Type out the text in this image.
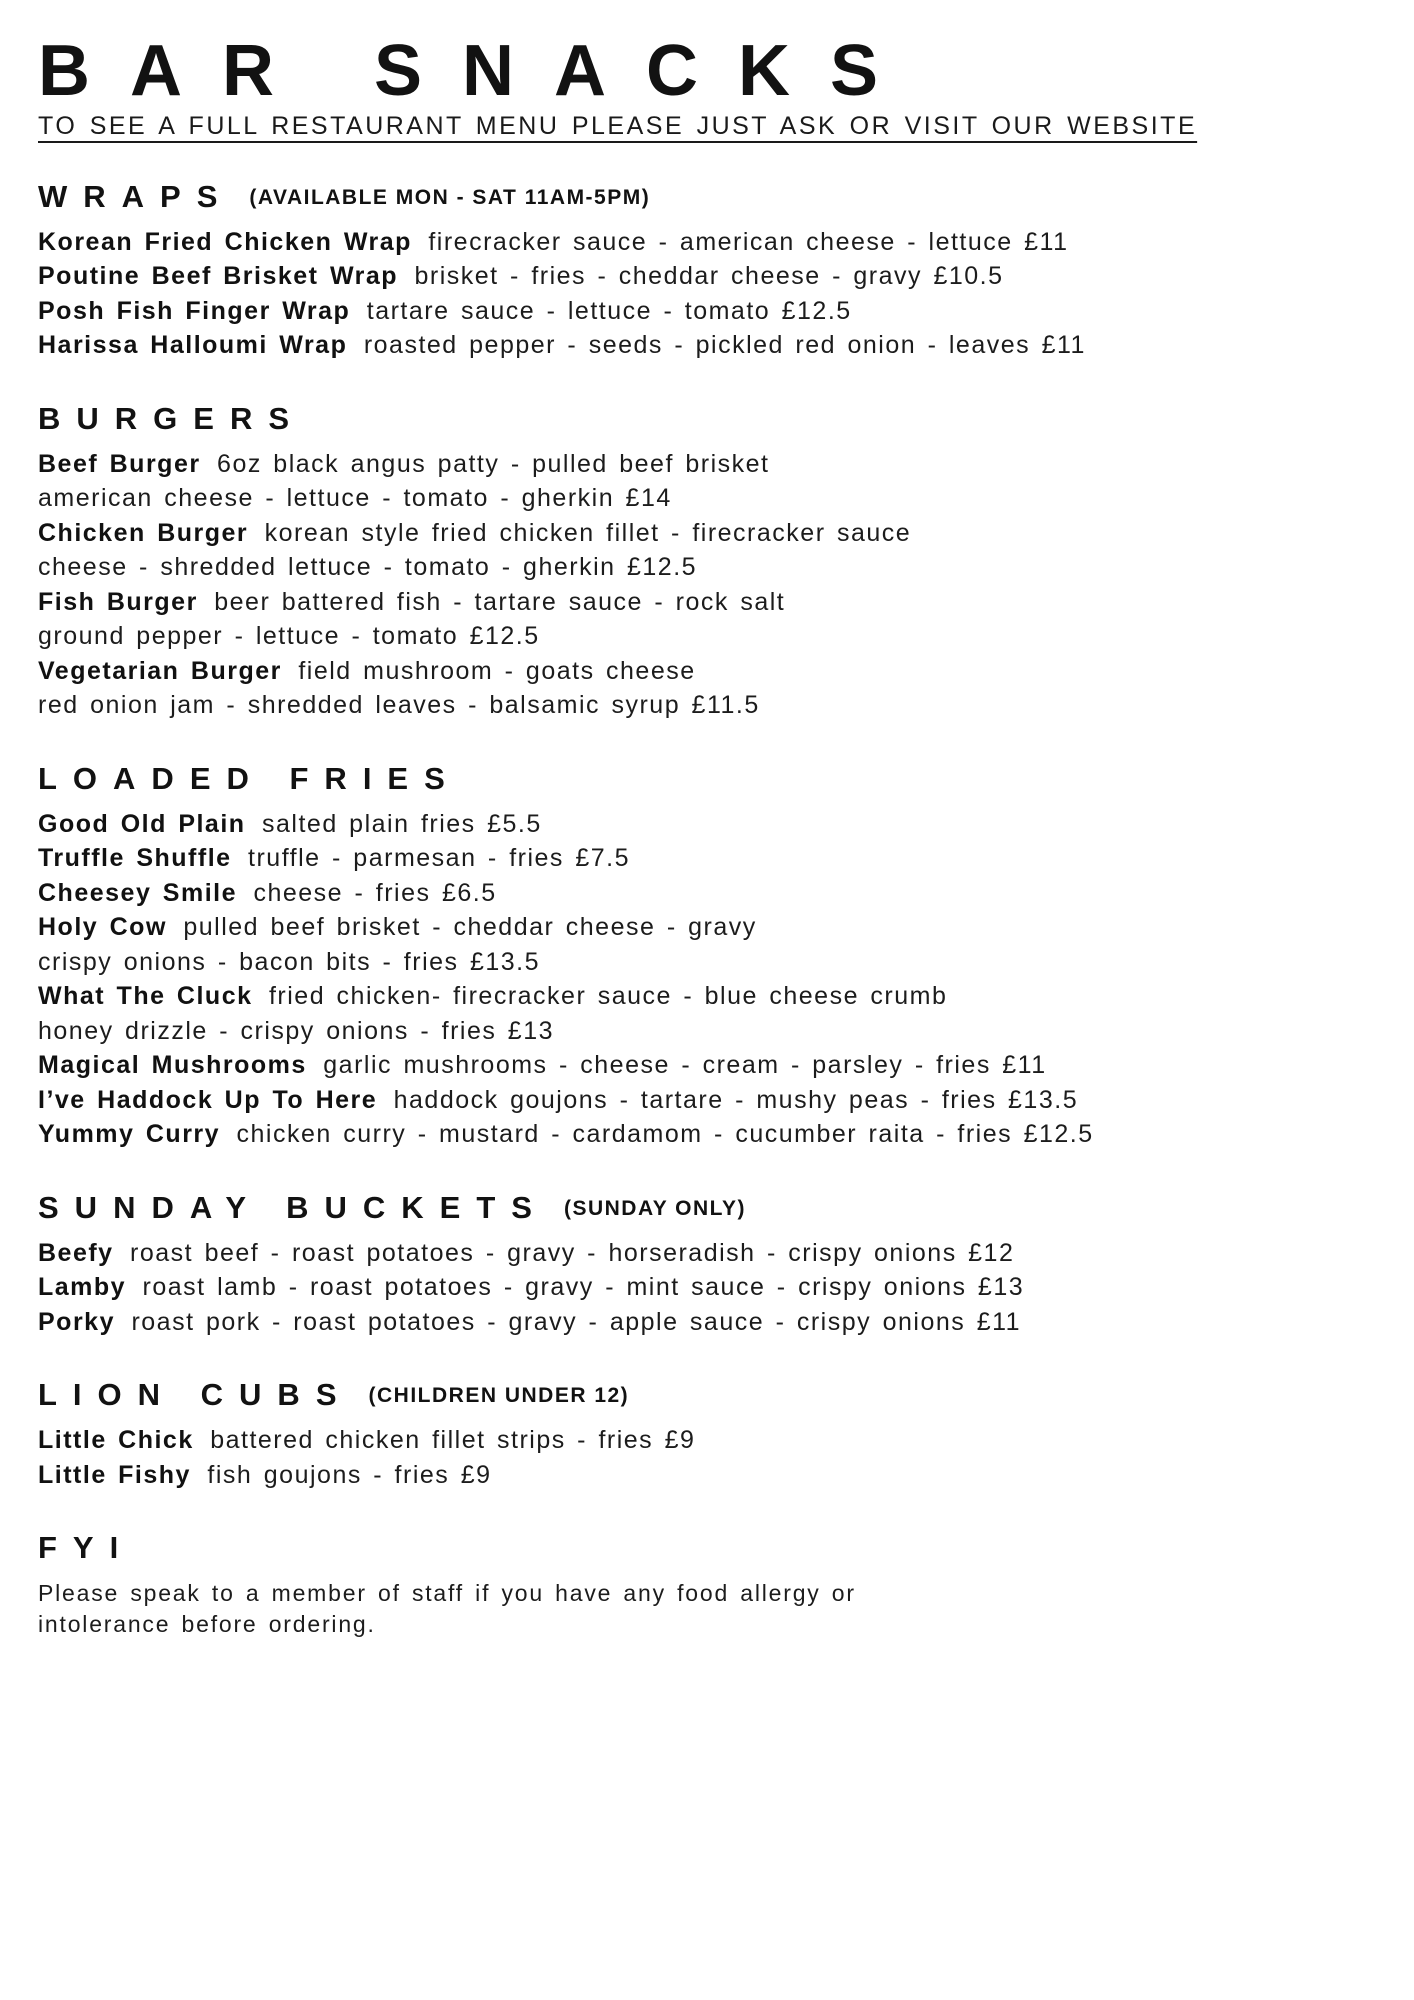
BAR SNACKS

TO SEE A FULL RESTAURANT MENU PLEASE JUST ASK OR VISIT OUR WEBSITE

WRAPS (AVAILABLE MON - SAT 11AM-5PM)

Korean Fried Chicken Wrap firecracker sauce - american cheese - lettuce £11

Poutine Beef Brisket Wrap brisket - fries - cheddar cheese - gravy £10.5

Posh Fish Finger Wrap tartare sauce - lettuce - tomato £12.5

Harissa Halloumi Wrap roasted pepper - seeds - pickled red onion - leaves £11

BURGERS

Beef Burger 6oz black angus patty - pulled beef brisket

american cheese - lettuce - tomato - gherkin £14

Chicken Burger korean style fried chicken fillet - firecracker sauce

cheese - shredded lettuce - tomato - gherkin £12.5

Fish Burger beer battered fish - tartare sauce - rock salt

ground pepper - lettuce - tomato £12.5

Vegetarian Burger field mushroom - goats cheese

red onion jam - shredded leaves - balsamic syrup £11.5

LOADED FRIES

Good Old Plain salted plain fries £5.5

Truffle Shuffle truffle - parmesan - fries £7.5

Cheesey Smile cheese - fries £6.5

Holy Cow pulled beef brisket - cheddar cheese - gravy

crispy onions - bacon bits - fries £13.5

What The Cluck fried chicken- firecracker sauce - blue cheese crumb

honey drizzle - crispy onions - fries £13

Magical Mushrooms garlic mushrooms - cheese - cream - parsley - fries £11

I’ve Haddock Up To Here haddock goujons - tartare - mushy peas - fries £13.5

Yummy Curry chicken curry - mustard - cardamom - cucumber raita - fries £12.5

SUNDAY BUCKETS (SUNDAY ONLY)

Beefy roast beef - roast potatoes - gravy - horseradish - crispy onions £12

Lamby roast lamb - roast potatoes - gravy - mint sauce - crispy onions £13

Porky roast pork - roast potatoes - gravy - apple sauce - crispy onions £11

LION CUBS (CHILDREN UNDER 12)

Little Chick battered chicken fillet strips - fries £9

Little Fishy fish goujons - fries £9

FYI

Please speak to a member of staff if you have any food allergy or

intolerance before ordering.
